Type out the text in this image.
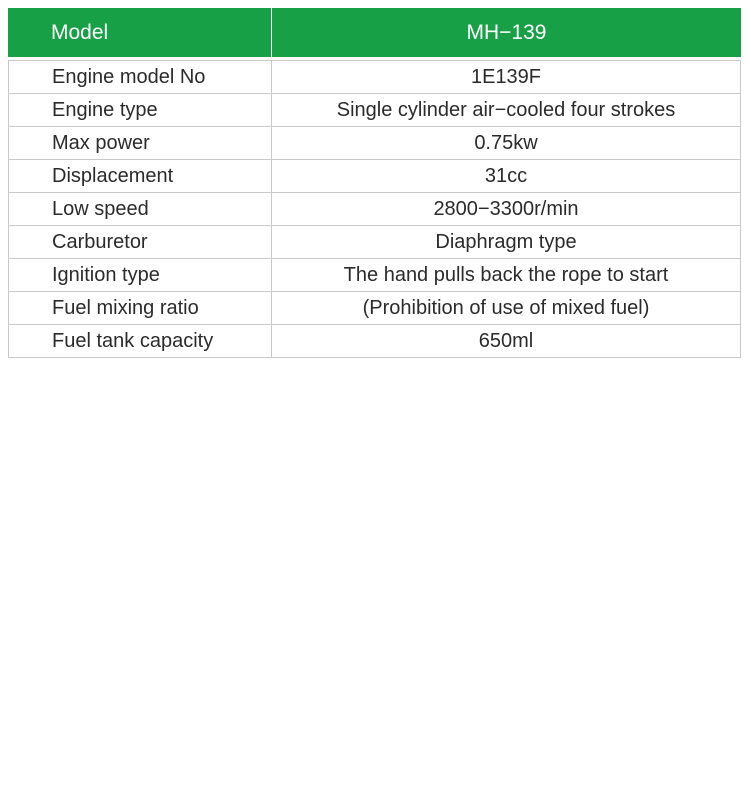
Model	MH−139
Engine model No	1E139F
Engine type	Single cylinder air−cooled four strokes
Max power	0.75kw
Displacement	31cc
Low speed	2800−3300r/min
Carburetor	Diaphragm type
Ignition type	The hand pulls back the rope to start
Fuel mixing ratio	(Prohibition of use of mixed fuel)
Fuel tank capacity	650ml
